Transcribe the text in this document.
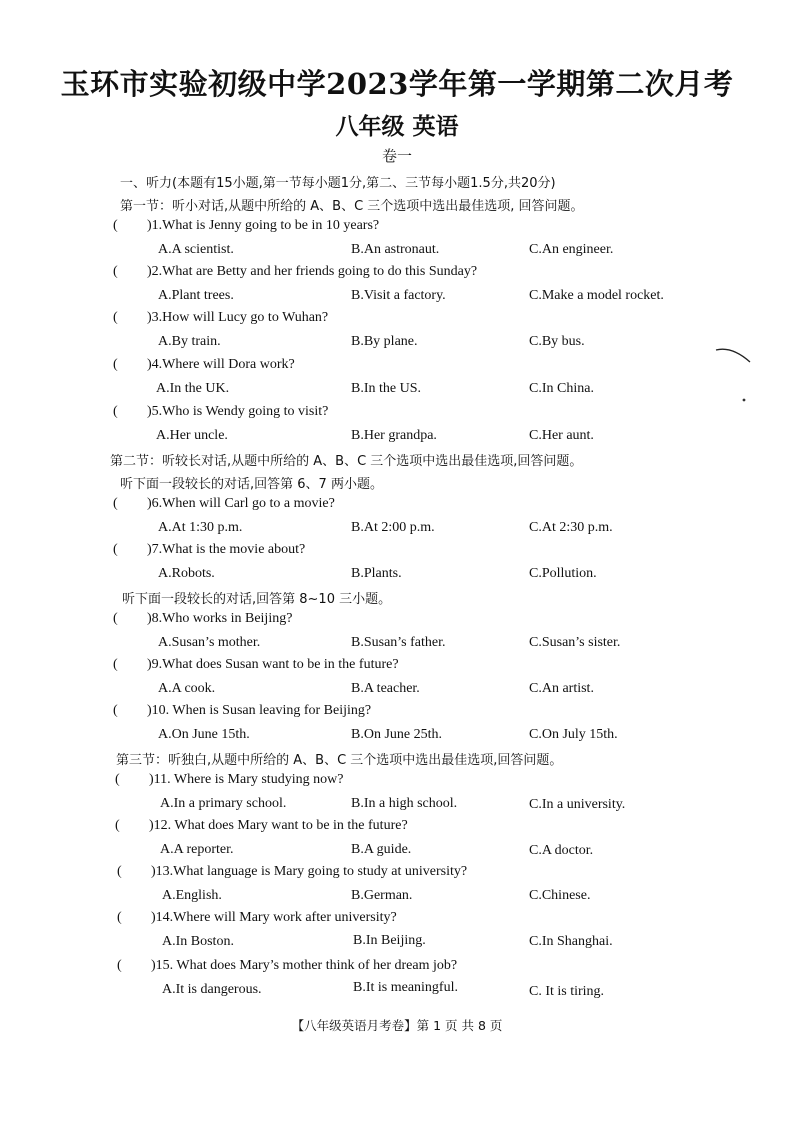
玉环市实验初级中学2023学年第一学期第二次月考
八年级 英语
卷一
一、听力(本题有15小题,第一节每小题1分,第二、三节每小题1.5分,共20分)
第一节：听小对话,从题中所给的 A、B、C 三个选项中选出最佳选项, 回答问题。
( )1.What is Jenny going to be in 10 years?
A.A scientist.	B.An astronaut.	C.An engineer.
( )2.What are Betty and her friends going to do this Sunday?
A.Plant trees.	B.Visit a factory.	C.Make a model rocket.
( )3.How will Lucy go to Wuhan?
A.By train.	B.By plane.	C.By bus.
( )4.Where will Dora work?
A.In the UK.	B.In the US.	C.In China.
( )5.Who is Wendy going to visit?
A.Her uncle.	B.Her grandpa.	C.Her aunt.
第二节：听较长对话,从题中所给的 A、B、C 三个选项中选出最佳选项,回答问题。
听下面一段较长的对话,回答第 6、7 两小题。
( )6.When will Carl go to a movie?
A.At 1:30 p.m.	B.At 2:00 p.m.	C.At 2:30 p.m.
( )7.What is the movie about?
A.Robots.	B.Plants.	C.Pollution.
听下面一段较长的对话,回答第 8~10 三小题。
( )8.Who works in Beijing?
A.Susan’s mother.	B.Susan’s father.	C.Susan’s sister.
( )9.What does Susan want to be in the future?
A.A cook.	B.A teacher.	C.An artist.
( )10. When is Susan leaving for Beijing?
A.On June 15th.	B.On June 25th.	C.On July 15th.
第三节：听独白,从题中所给的 A、B、C 三个选项中选出最佳选项,回答问题。
( )11. Where is Mary studying now?
A.In a primary school.	B.In a high school.	C.In a university.
( )12. What does Mary want to be in the future?
A.A reporter.	B.A guide.	C.A doctor.
( )13.What language is Mary going to study at university?
A.English.	B.German.	C.Chinese.
( )14.Where will Mary work after university?
A.In Boston.	B.In Beijing.	C.In Shanghai.
( )15. What does Mary’s mother think of her dream job?
A.It is dangerous.	B.It is meaningful.	C. It is tiring.
【八年级英语月考卷】第 1 页 共 8 页
